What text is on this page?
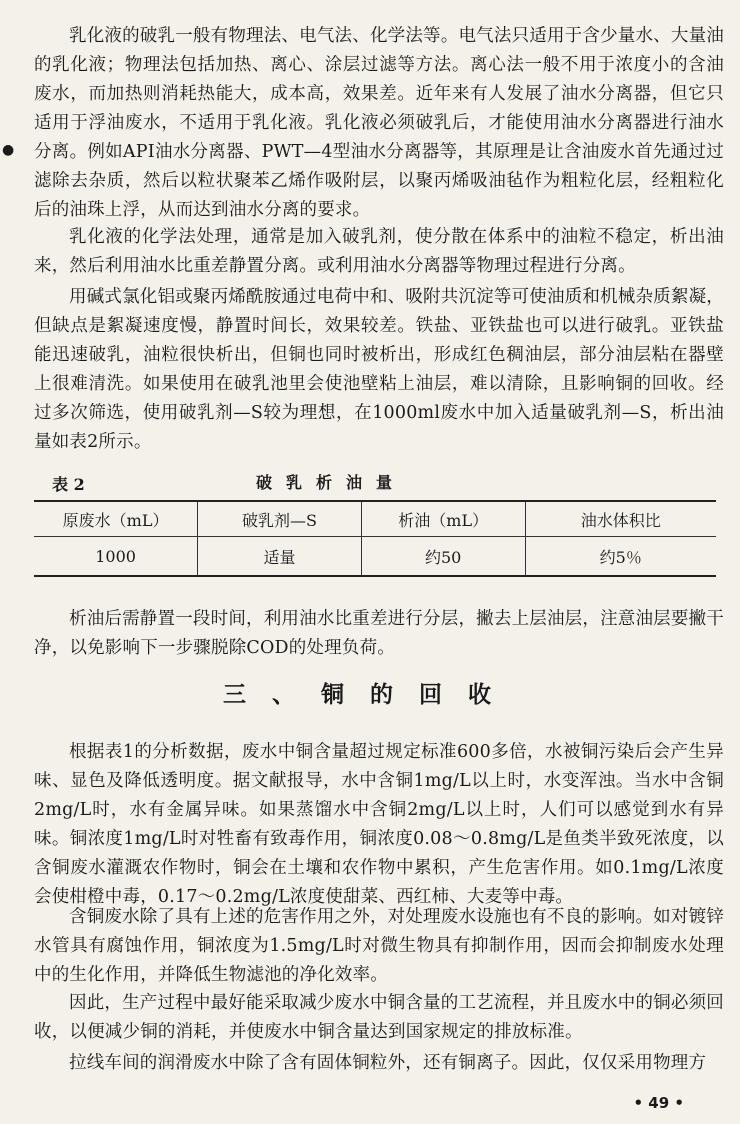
●

乳化液的破乳一般有物理法、电气法、化学法等。电气法只适用于含少量水、大量油的乳化液；物理法包括加热、离心、涂层过滤等方法。离心法一般不用于浓度小的含油废水，而加热则消耗热能大，成本高，效果差。近年来有人发展了油水分离器，但它只适用于浮油废水，不适用于乳化液。乳化液必须破乳后，才能使用油水分离器进行油水分离。例如API油水分离器、PWT—4型油水分离器等，其原理是让含油废水首先通过过滤除去杂质，然后以粒状聚苯乙烯作吸附层，以聚丙烯吸油毡作为粗粒化层，经粗粒化后的油珠上浮，从而达到油水分离的要求。

乳化液的化学法处理，通常是加入破乳剂，使分散在体系中的油粒不稳定，析出油来，然后利用油水比重差静置分离。或利用油水分离器等物理过程进行分离。

用碱式氯化铝或聚丙烯酰胺通过电荷中和、吸附共沉淀等可使油质和机械杂质絮凝，但缺点是絮凝速度慢，静置时间长，效果较差。铁盐、亚铁盐也可以进行破乳。亚铁盐能迅速破乳，油粒很快析出，但铜也同时被析出，形成红色稠油层，部分油层粘在器壁上很难清洗。如果使用在破乳池里会使池壁粘上油层，难以清除，且影响铜的回收。经过多次筛选，使用破乳剂—S较为理想，在1000ml废水中加入适量破乳剂—S，析出油量如表2所示。

表 2	破乳析油量
原废水（mL）	破乳剂—S	析油（mL）	油水体积比
1000	适量	约50	约5％

析油后需静置一段时间，利用油水比重差进行分层，撇去上层油层，注意油层要撇干净，以免影响下一步骤脱除COD的处理负荷。

三、铜的回收

根据表1的分析数据，废水中铜含量超过规定标准600多倍，水被铜污染后会产生异味、显色及降低透明度。据文献报导，水中含铜1mg/L以上时，水变浑浊。当水中含铜2mg/L时，水有金属异味。如果蒸馏水中含铜2mg/L以上时，人们可以感觉到水有异味。铜浓度1mg/L时对牲畜有致毒作用，铜浓度0.08～0.8mg/L是鱼类半致死浓度，以含铜废水灌溉农作物时，铜会在土壤和农作物中累积，产生危害作用。如0.1mg/L浓度会使柑橙中毒，0.17～0.2mg/L浓度使甜菜、西红柿、大麦等中毒。

含铜废水除了具有上述的危害作用之外，对处理废水设施也有不良的影响。如对镀锌水管具有腐蚀作用，铜浓度为1.5mg/L时对微生物具有抑制作用，因而会抑制废水处理中的生化作用，并降低生物滤池的净化效率。

因此，生产过程中最好能采取减少废水中铜含量的工艺流程，并且废水中的铜必须回收，以便减少铜的消耗，并使废水中铜含量达到国家规定的排放标准。

拉线车间的润滑废水中除了含有固体铜粒外，还有铜离子。因此，仅仅采用物理方

• 49 •
